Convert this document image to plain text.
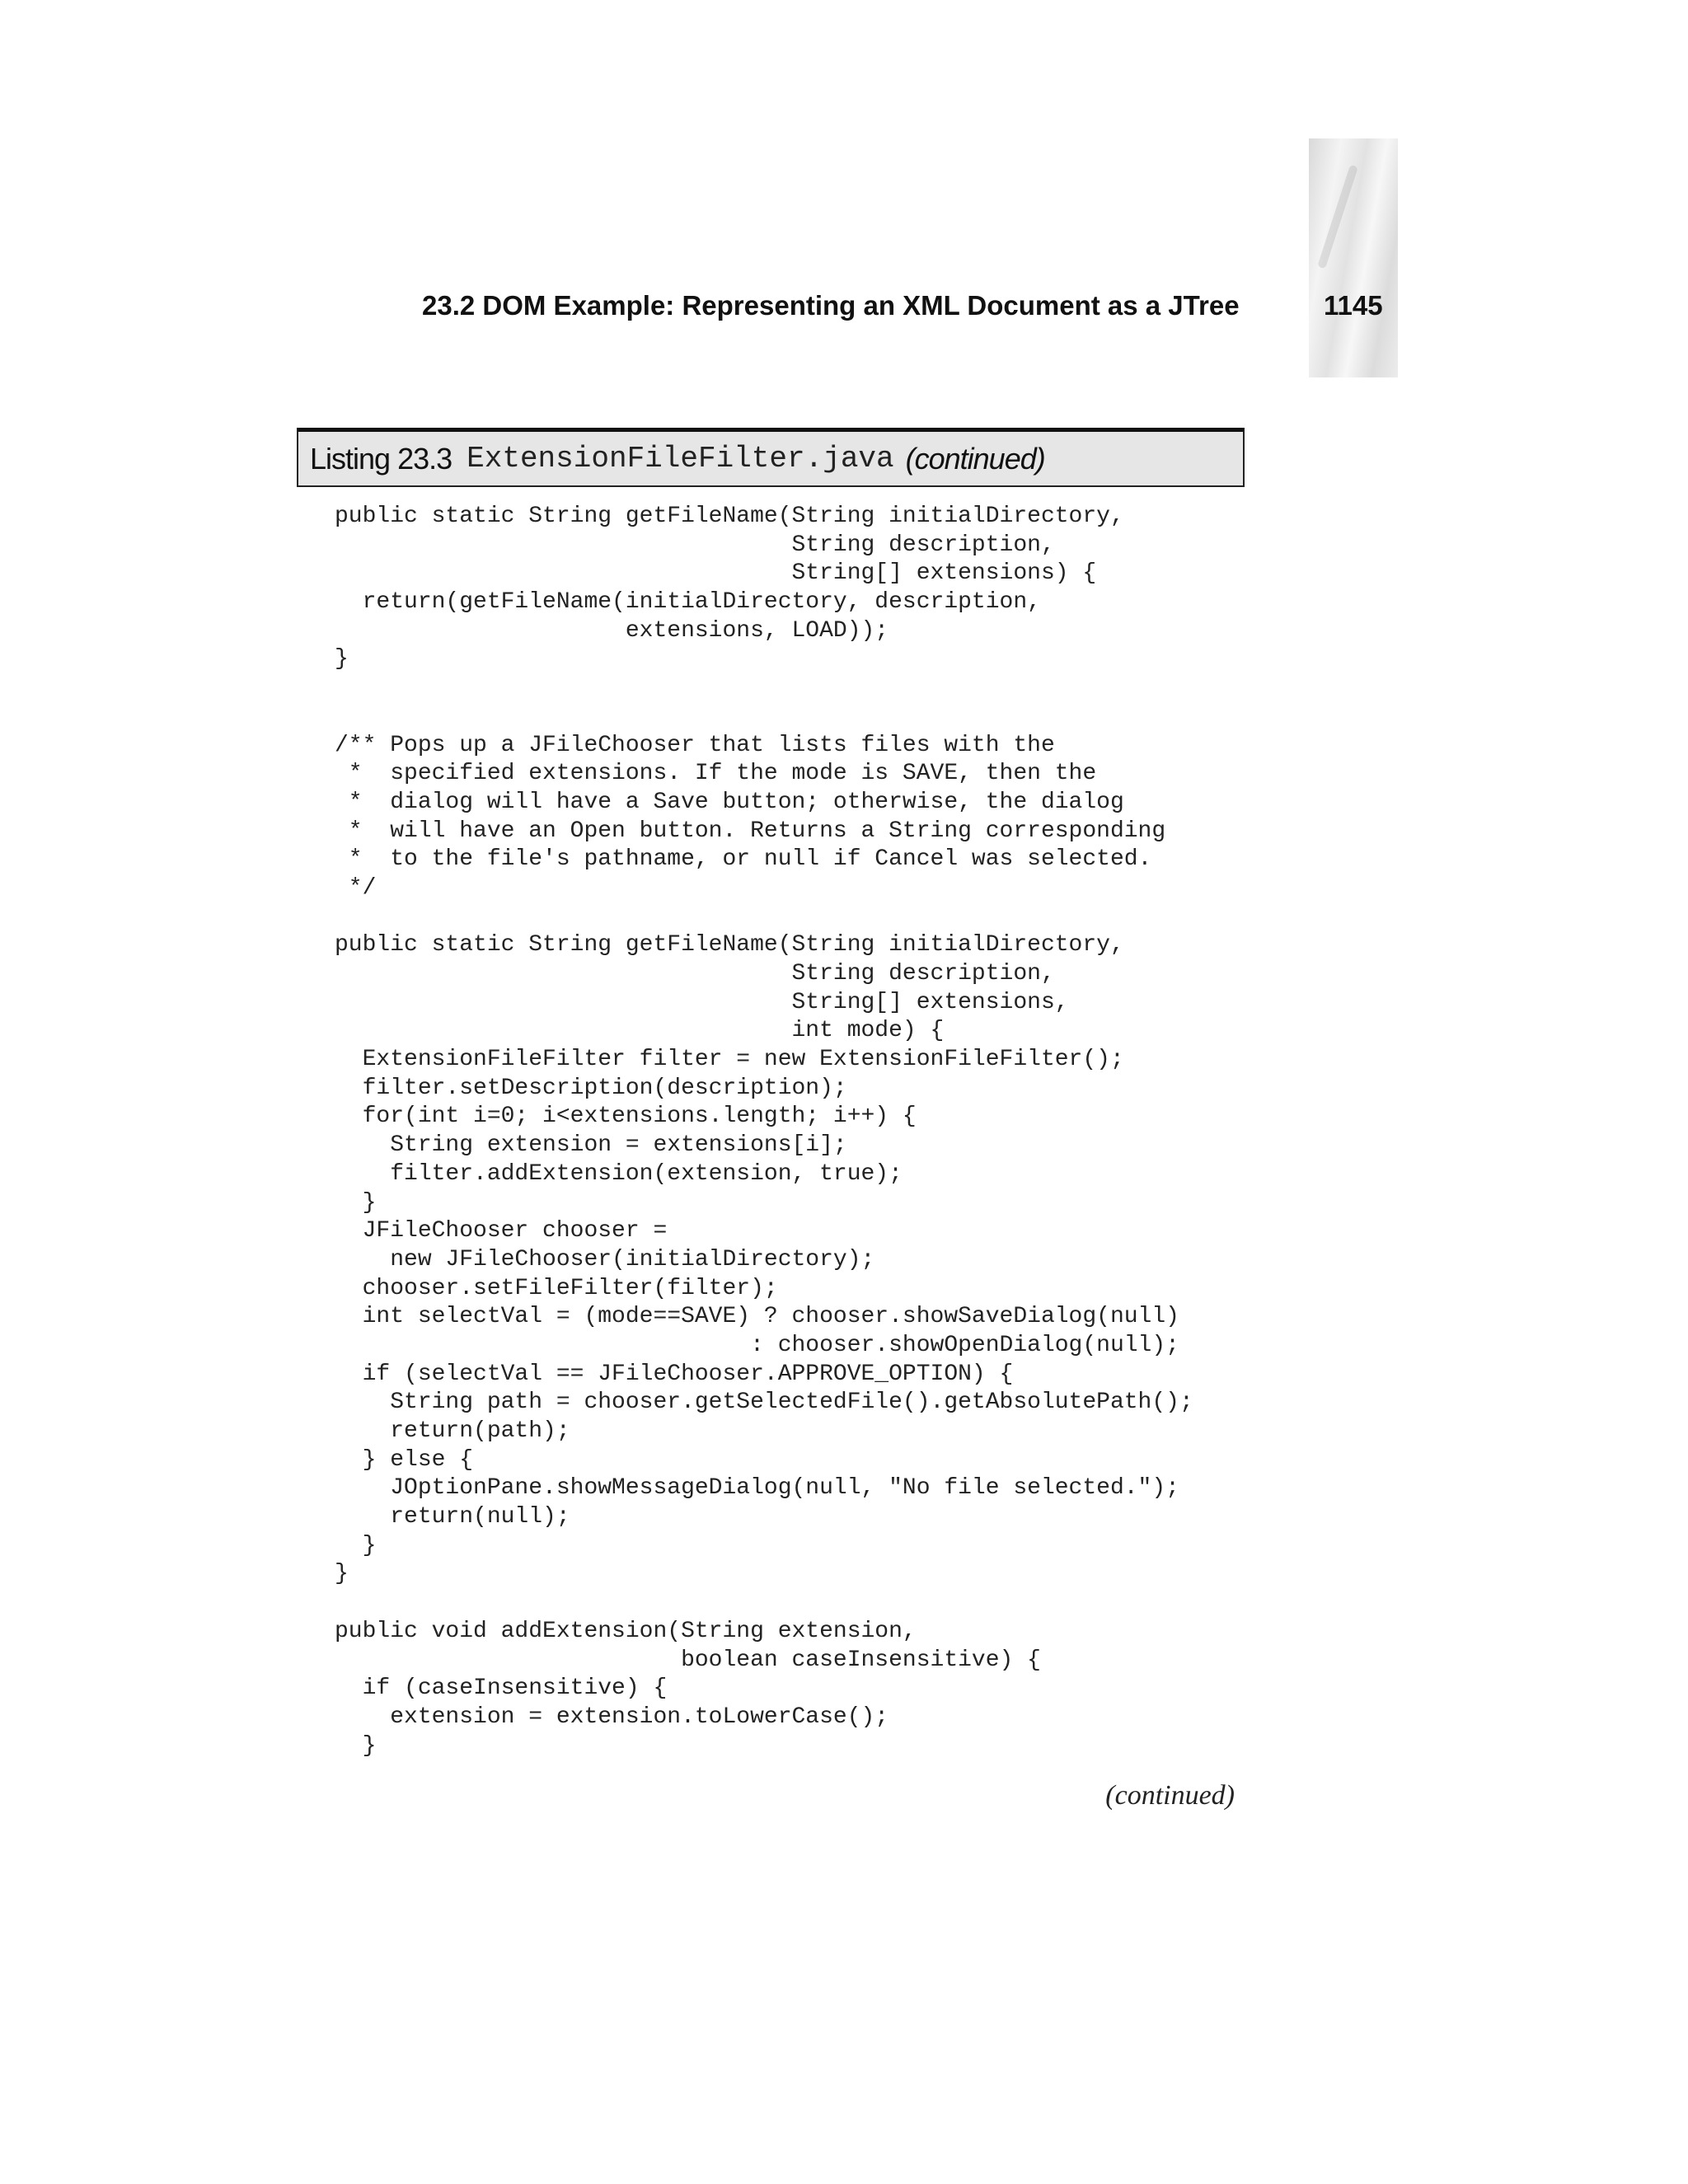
23.2 DOM Example: Representing an XML Document as a JTree	1145
Listing 23.3 ExtensionFileFilter.java (continued)
public static String getFileName(String initialDirectory,
String description,
String[] extensions) {
return(getFileName(initialDirectory, description,
extensions, LOAD));
}
/** Pops up a JFileChooser that lists files with the
*  specified extensions. If the mode is SAVE, then the
*  dialog will have a Save button; otherwise, the dialog
*  will have an Open button. Returns a String corresponding
*  to the file's pathname, or null if Cancel was selected.
*/
public static String getFileName(String initialDirectory,
String description,
String[] extensions,
int mode) {
ExtensionFileFilter filter = new ExtensionFileFilter();
filter.setDescription(description);
for(int i=0; i<extensions.length; i++) {
String extension = extensions[i];
filter.addExtension(extension, true);
}
JFileChooser chooser =
new JFileChooser(initialDirectory);
chooser.setFileFilter(filter);
int selectVal = (mode==SAVE) ? chooser.showSaveDialog(null)
: chooser.showOpenDialog(null);
if (selectVal == JFileChooser.APPROVE_OPTION) {
String path = chooser.getSelectedFile().getAbsolutePath();
return(path);
} else {
JOptionPane.showMessageDialog(null, "No file selected.");
return(null);
}
}
public void addExtension(String extension,
boolean caseInsensitive) {
if (caseInsensitive) {
extension = extension.toLowerCase();
}
(continued)
